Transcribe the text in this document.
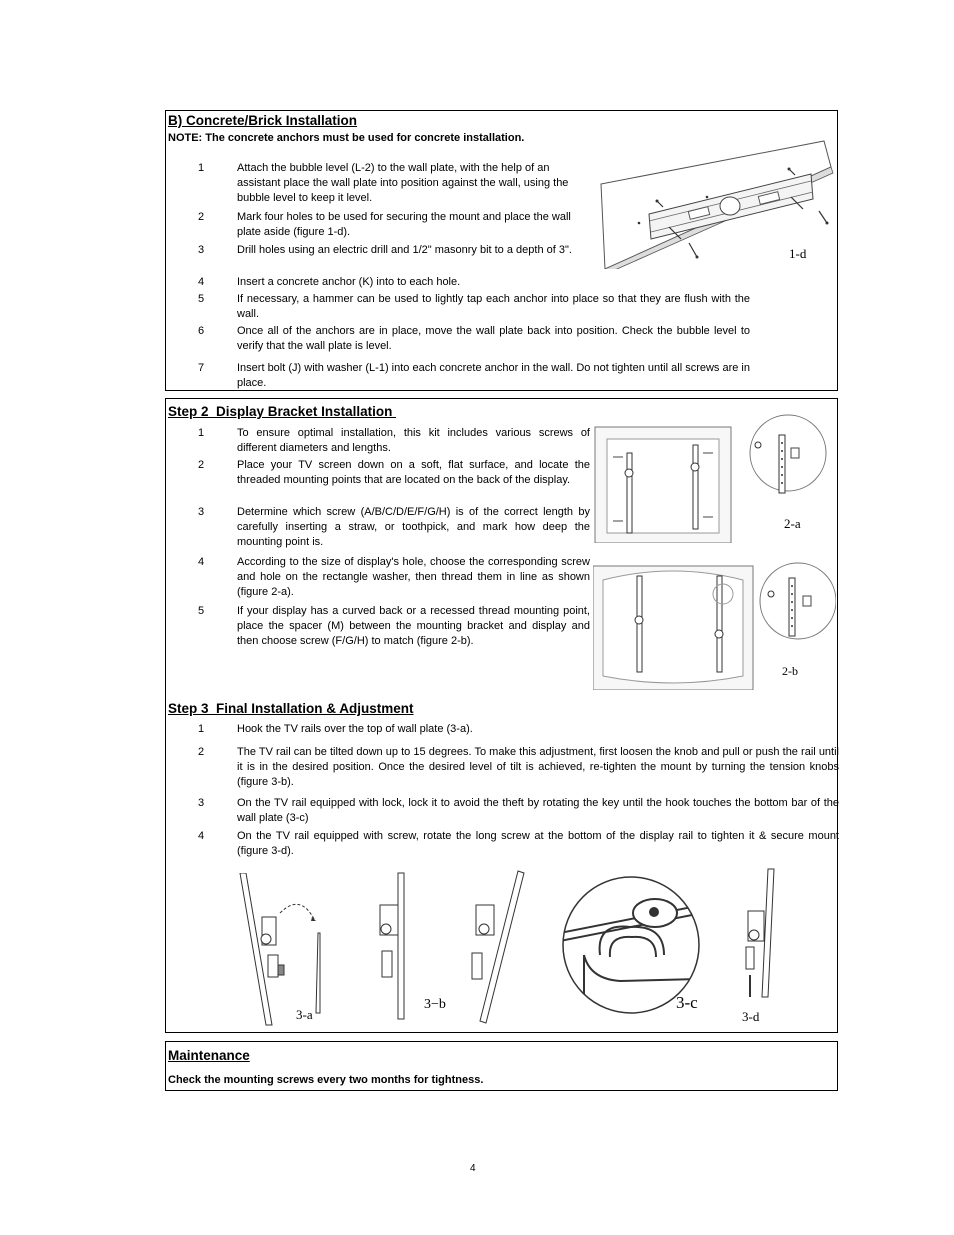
B) Concrete/Brick Installation
NOTE: The concrete anchors must be used for concrete installation.
1	Attach the bubble level (L-2) to the wall plate, with the help of an assistant place the wall plate into position against the wall, using the bubble level to keep it level.
2	Mark four holes to be used for securing the mount and place the wall plate aside (figure 1-d).
3	Drill holes using an electric drill and 1/2" masonry bit to a depth of 3".
4	Insert a concrete anchor (K) into to each hole.
5	If necessary, a hammer can be used to lightly tap each anchor into place so that they are flush with the wall.
6	Once all of the anchors are in place, move the wall plate back into position. Check the bubble level to verify that the wall plate is level.
7	Insert bolt (J) with washer (L-1) into each concrete anchor in the wall. Do not tighten until all screws are in place.
1-d
Step 2  Display Bracket Installation
1	To ensure optimal installation, this kit includes various screws of different diameters and lengths.
2	Place your TV screen down on a soft, flat surface, and locate the threaded mounting points that are located on the back of the display.
3	Determine which screw (A/B/C/D/E/F/G/H) is of the correct length by carefully inserting a straw, or toothpick, and mark how deep the mounting point is.
4	According to the size of display's hole, choose the corresponding screw and hole on the rectangle washer, then thread them in line as shown (figure 2-a).
5	If your display has a curved back or a recessed thread mounting point, place the spacer (M) between the mounting bracket and display and then choose screw (F/G/H) to match (figure 2-b).
2-a
2-b
Step 3  Final Installation & Adjustment
1	Hook the TV rails over the top of wall plate (3-a).
2	The TV rail can be tilted down up to 15 degrees. To make this adjustment, first loosen the knob and pull or push the rail until it is in the desired position. Once the desired level of tilt is achieved, re-tighten the mount by turning the tension knobs (figure 3-b).
3	On the TV rail equipped with lock, lock it to avoid the theft by rotating the key until the hook touches the bottom bar of the wall plate (3-c)
4	On the TV rail equipped with screw, rotate the long screw at the bottom of the display rail to tighten it & secure mount (figure 3-d).
3-a
3−b	3-c
3-d
Maintenance
Check the mounting screws every two months for tightness.
4
